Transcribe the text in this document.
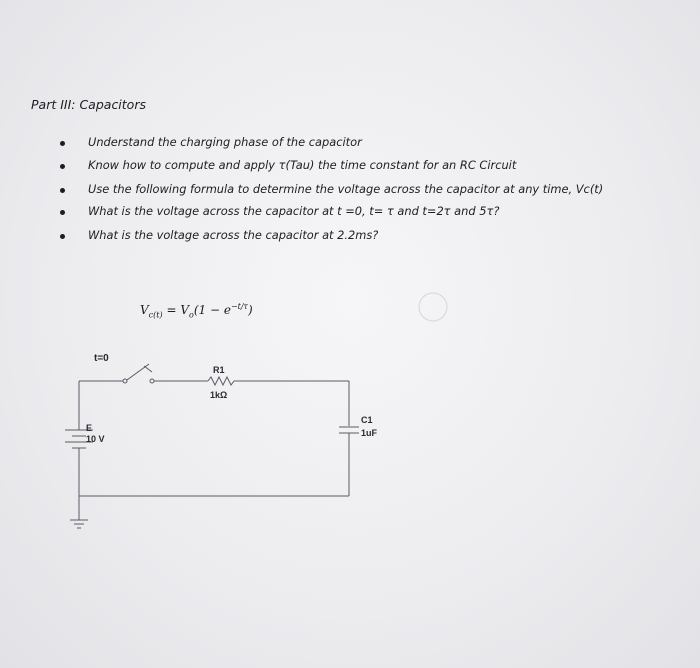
Part III: Capacitors
Understand the charging phase of the capacitor
Know how to compute and apply τ(Tau) the time constant for an RC Circuit
Use the following formula to determine the voltage across the capacitor at any time, Vc(t)
What is the voltage across the capacitor at t =0, t= τ and t=2τ and 5τ?
What is the voltage across the capacitor at 2.2ms?
$V_{c(t)} = V_o(1 - e^{-t/\tau})$
t=0
R1
1kΩ
E
10 V
C1
1uF
